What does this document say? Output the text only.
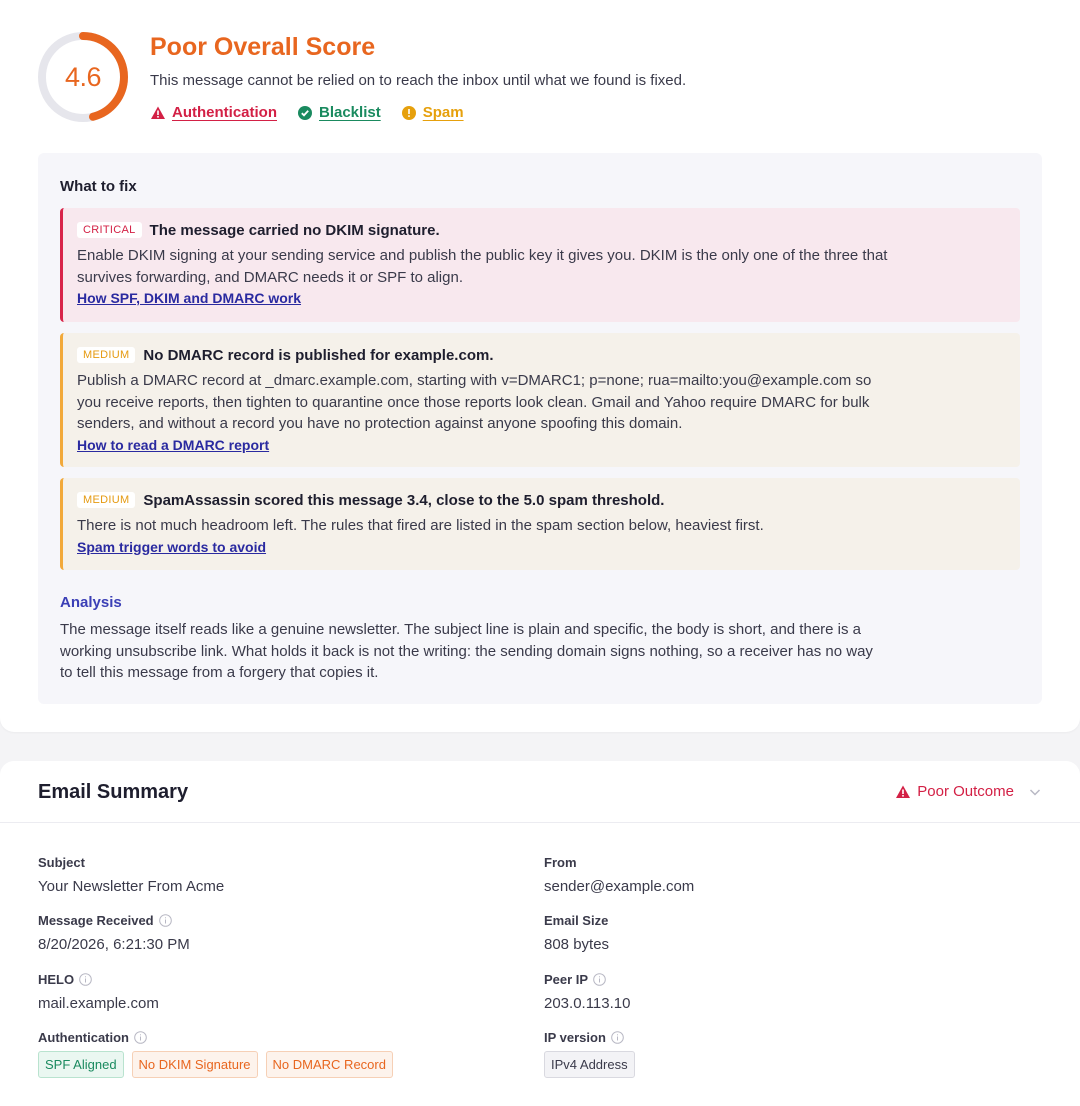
4.6
Poor Overall Score
This message cannot be relied on to reach the inbox until what we found is fixed.
Authentication	Blacklist	Spam
What to fix
CRITICAL The message carried no DKIM signature.
Enable DKIM signing at your sending service and publish the public key it gives you. DKIM is the only one of the three that survives forwarding, and DMARC needs it or SPF to align.
How SPF, DKIM and DMARC work
MEDIUM No DMARC record is published for example.com.
Publish a DMARC record at _dmarc.example.com, starting with v=DMARC1; p=none; rua=mailto:you@example.com so you receive reports, then tighten to quarantine once those reports look clean. Gmail and Yahoo require DMARC for bulk senders, and without a record you have no protection against anyone spoofing this domain.
How to read a DMARC report
MEDIUM SpamAssassin scored this message 3.4, close to the 5.0 spam threshold.
There is not much headroom left. The rules that fired are listed in the spam section below, heaviest first.
Spam trigger words to avoid
Analysis
The message itself reads like a genuine newsletter. The subject line is plain and specific, the body is short, and there is a working unsubscribe link. What holds it back is not the writing: the sending domain signs nothing, so a receiver has no way to tell this message from a forgery that copies it.
Email Summary	Poor Outcome
Subject
Your Newsletter From Acme
From
sender@example.com
Message Received
8/20/2026, 6:21:30 PM
Email Size
808 bytes
HELO
mail.example.com
Peer IP
203.0.113.10
Authentication
SPF Aligned	No DKIM Signature	No DMARC Record
IP version
IPv4 Address
